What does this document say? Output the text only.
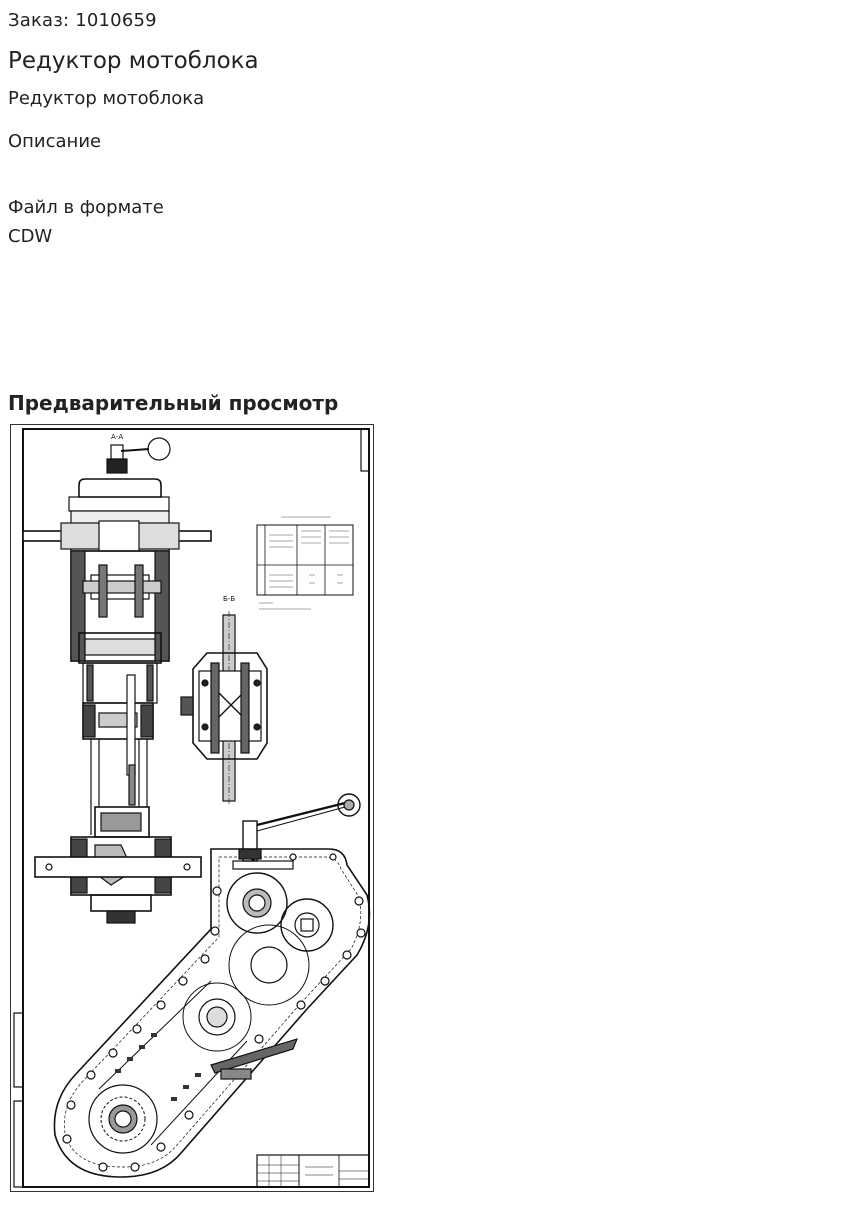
Заказ: 1010659
Редуктор мотоблока
Редуктор мотоблока
Описание
Файл в формате CDW
Предварительный просмотр
А-А
Б-Б
